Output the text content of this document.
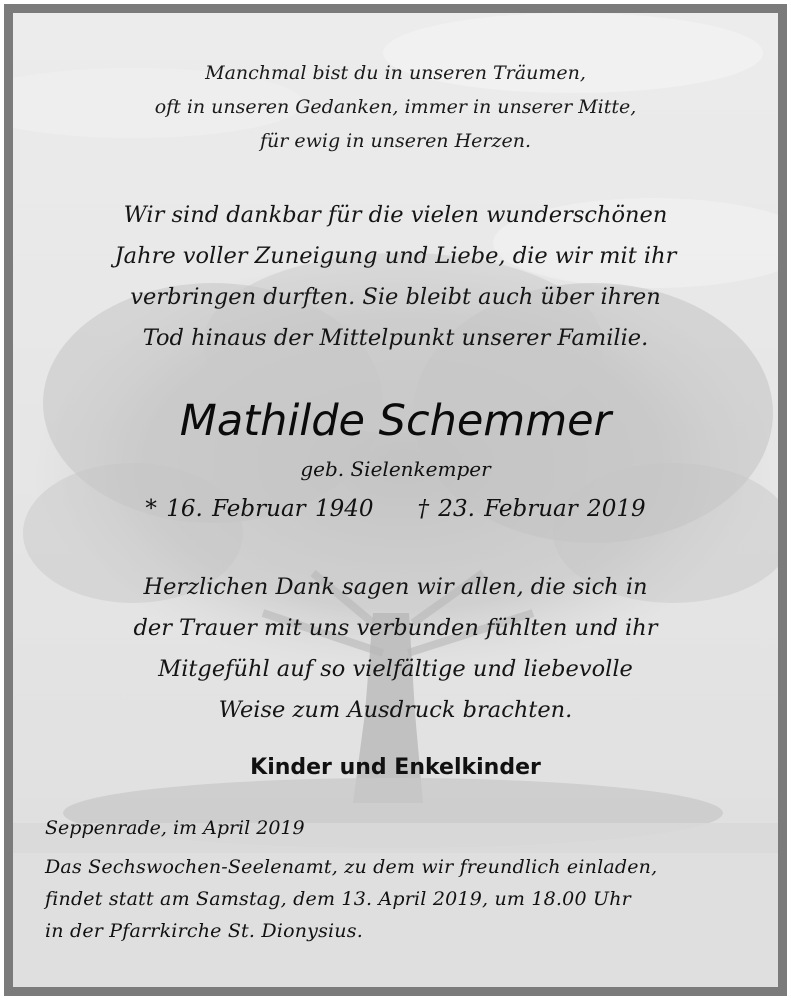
Manchmal bist du in unseren Träumen,
oft in unseren Gedanken, immer in unserer Mitte,
für ewig in unseren Herzen.
Wir sind dankbar für die vielen wunderschönen
Jahre voller Zuneigung und Liebe, die wir mit ihr
verbringen durften. Sie bleibt auch über ihren
Tod hinaus der Mittelpunkt unserer Familie.
Mathilde Schemmer
geb. Sielenkemper
* 16. Februar 1940 † 23. Februar 2019
Herzlichen Dank sagen wir allen, die sich in
der Trauer mit uns verbunden fühlten und ihr
Mitgefühl auf so vielfältige und liebevolle
Weise zum Ausdruck brachten.
Kinder und Enkelkinder
Seppenrade, im April 2019
Das Sechswochen-Seelenamt, zu dem wir freundlich einladen,
findet statt am Samstag, dem 13. April 2019, um 18.00 Uhr
in der Pfarrkirche St. Dionysius.
